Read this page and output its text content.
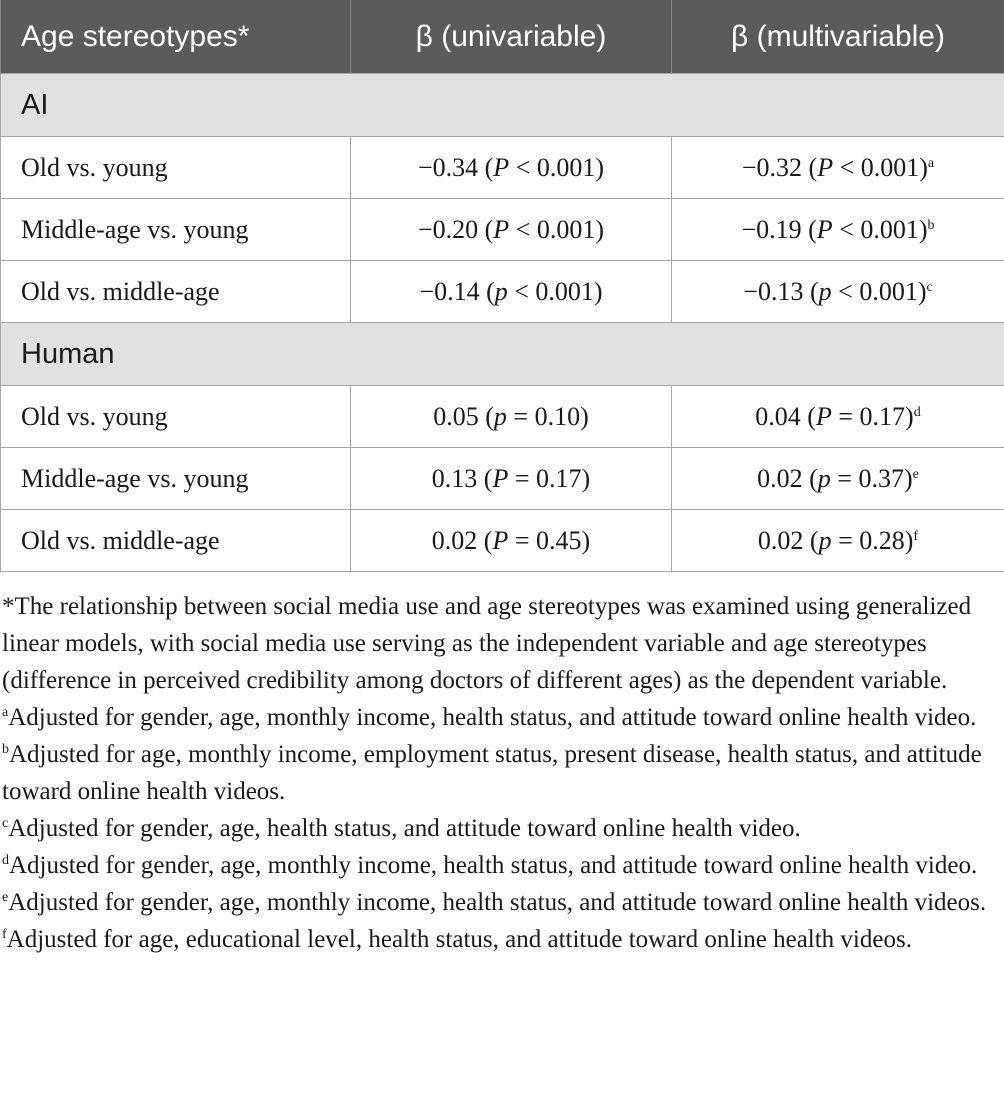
Age stereotypes*	β (univariable)	β (multivariable)
AI		
Old vs. young	−0.34 (P < 0.001)	−0.32 (P < 0.001)$^a$
Middle-age vs. young	−0.20 (P < 0.001)	−0.19 (P < 0.001)$^b$
Old vs. middle-age	−0.14 (p < 0.001)	−0.13 (p < 0.001)$^c$
Human		
Old vs. young	0.05 (p = 0.10)	0.04 (P = 0.17)$^d$
Middle-age vs. young	0.13 (P = 0.17)	0.02 (p = 0.37)$^e$
Old vs. middle-age	0.02 (P = 0.45)	0.02 (p = 0.28)$^f$

*The relationship between social media use and age stereotypes was examined using generalized linear models, with social media use serving as the independent variable and age stereotypes (difference in perceived credibility among doctors of different ages) as the dependent variable.

$^a$Adjusted for gender, age, monthly income, health status, and attitude toward online health video.

$^b$Adjusted for age, monthly income, employment status, present disease, health status, and attitude toward online health videos.

$^c$Adjusted for gender, age, health status, and attitude toward online health video.

$^d$Adjusted for gender, age, monthly income, health status, and attitude toward online health video.

$^e$Adjusted for gender, age, monthly income, health status, and attitude toward online health videos.

$^f$Adjusted for age, educational level, health status, and attitude toward online health videos.
